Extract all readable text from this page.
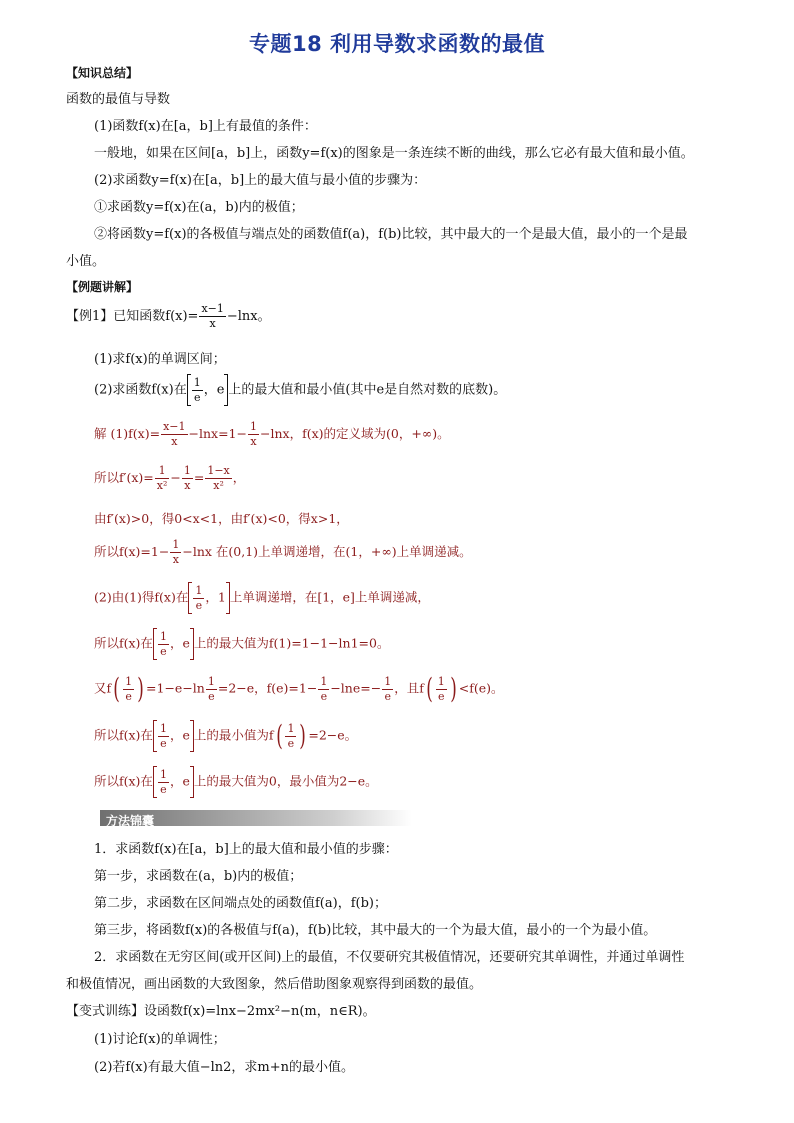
专题18 利用导数求函数的最值
【知识总结】
函数的最值与导数
(1)函数f(x)在[a，b]上有最值的条件：
一般地，如果在区间[a，b]上，函数y=f(x)的图象是一条连续不断的曲线，那么它必有最大值和最小值。
(2)求函数y=f(x)在[a，b]上的最大值与最小值的步骤为：
①求函数y=f(x)在(a，b)内的极值；
②将函数y=f(x)的各极值与端点处的函数值f(a)，f(b)比较，其中最大的一个是最大值，最小的一个是最
小值。
【例题讲解】
【例1】已知函数$f(x)= \frac{x-1}{x} -\ln x$。
(1)求f(x)的单调区间；
(2)求函数f(x)在 $\frac{1}{e}$ ，e 上的最大值和最小值(其中e是自然对数的底数)。
解 $(1)f(x)= \frac{x-1}{x} -\ln x=1- \frac{1}{x} -\ln x$，f(x)的定义域为(0，+∞)。
所以$f'(x)= \frac{1}{\text{x²}} - \frac{1}{x} = \frac{1-x}{\text{x²}}$ ，
由f′(x)>0，得0<x<1，由f′(x)<0，得x>1，
所以$f(x)=1- \frac{1}{x} -\ln x$ 在(0,1)上单调递增，在(1，+∞)上单调递减。
(2)由(1)得f(x)在 $\frac{1}{e}$ ，1 上单调递增，在[1，e]上单调递减，
所以f(x)在 $\frac{1}{e}$ ，e 上的最大值为f(1)=1−1−ln1=0。
又$f( \frac{1}{e}$ ) $=1-e-\ln \frac{1}{e} =2-e$，$f(e)=1- \frac{1}{e} -\ln e=- \frac{1}{e}$ ，且$f( \frac{1}{e}$ ) <f(e)。
所以f(x)在 $\frac{1}{e}$ ，e 上的最小值为$f( \frac{1}{e}$ ) =2−e。
所以f(x)在 $\frac{1}{e}$ ，e 上的最大值为0，最小值为2−e。
方法锦囊
1．求函数f(x)在[a，b]上的最大值和最小值的步骤：
第一步，求函数在(a，b)内的极值；
第二步，求函数在区间端点处的函数值f(a)，f(b)；
第三步，将函数f(x)的各极值与f(a)，f(b)比较，其中最大的一个为最大值，最小的一个为最小值。
2．求函数在无穷区间(或开区间)上的最值，不仅要研究其极值情况，还要研究其单调性，并通过单调性
和极值情况，画出函数的大致图象，然后借助图象观察得到函数的最值。
【变式训练】设函数f(x)=lnx−2mx²−n(m，n∈R)。
(1)讨论f(x)的单调性；
(2)若f(x)有最大值−ln2，求m+n的最小值。
